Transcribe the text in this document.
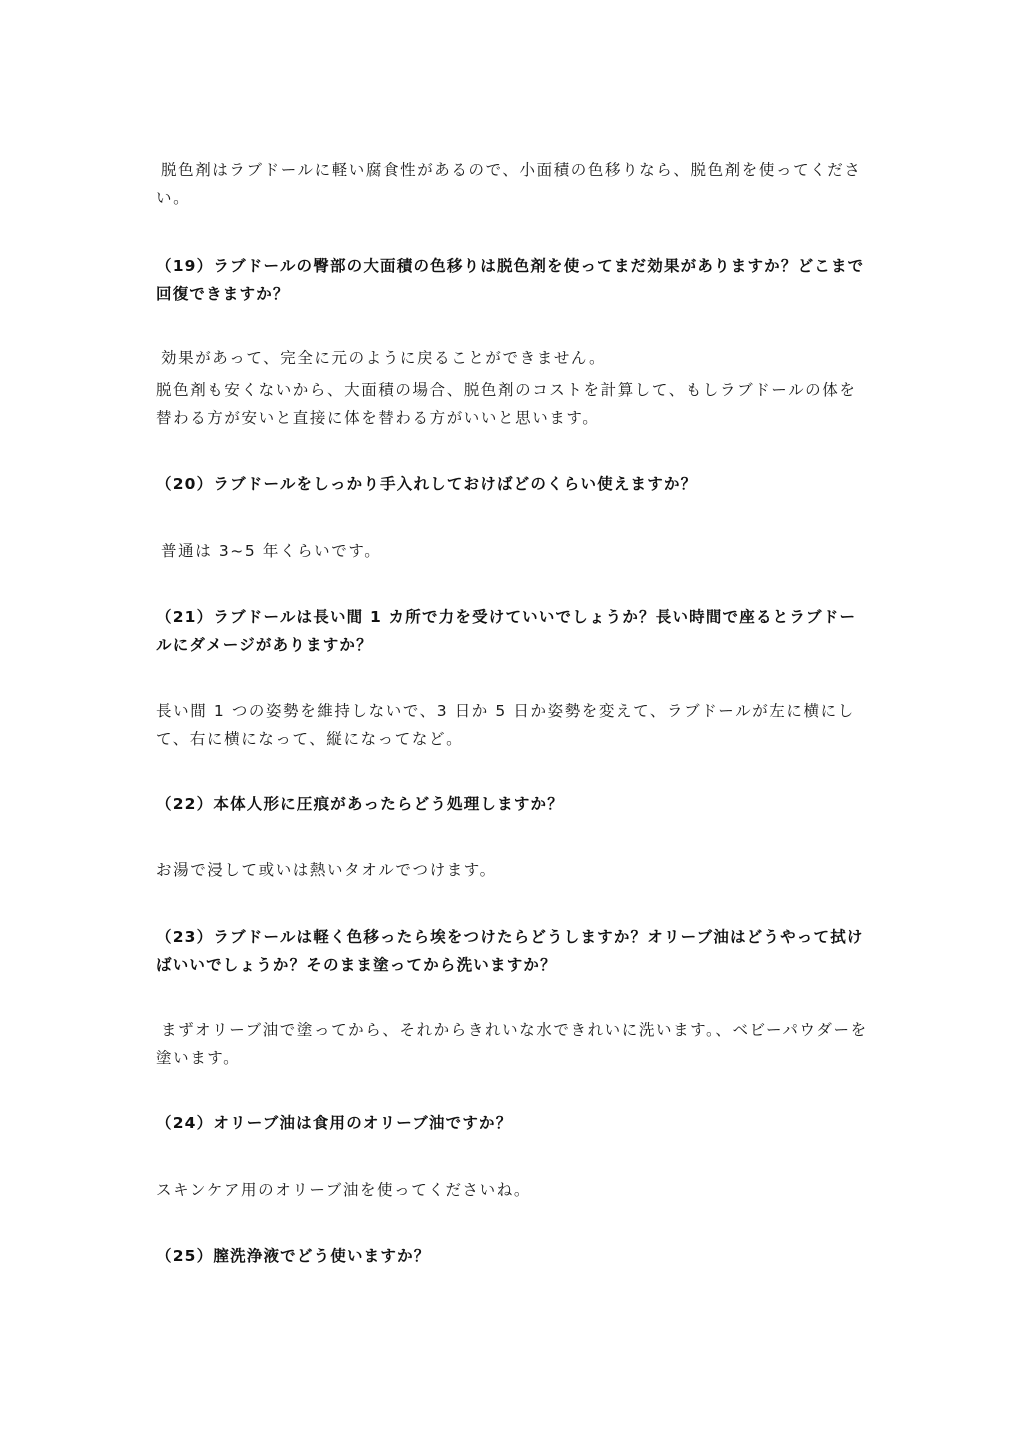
脱色剤はラブドールに軽い腐食性があるので、小面積の色移りなら、脱色剤を使ってください。

（19）ラブドールの臀部の大面積の色移りは脱色剤を使ってまだ効果がありますか？どこまで回復できますか？

効果があって、完全に元のように戻ることができません。

脱色剤も安くないから、大面積の場合、脱色剤のコストを計算して、もしラブドールの体を替わる方が安いと直接に体を替わる方がいいと思います。

（20）ラブドールをしっかり手入れしておけばどのくらい使えますか？

普通は 3~5 年くらいです。

（21）ラブドールは長い間 1 カ所で力を受けていいでしょうか？長い時間で座るとラブドールにダメージがありますか？

長い間 1 つの姿勢を維持しないで、3 日か 5 日か姿勢を変えて、ラブドールが左に横にして、右に横になって、縦になってなど。

（22）本体人形に圧痕があったらどう処理しますか？

お湯で浸して或いは熱いタオルでつけます。

（23）ラブドールは軽く色移ったら埃をつけたらどうしますか？オリーブ油はどうやって拭けばいいでしょうか？そのまま塗ってから洗いますか？

まずオリーブ油で塗ってから、それからきれいな水できれいに洗います。、ベビーパウダーを塗います。

（24）オリーブ油は食用のオリーブ油ですか？

スキンケア用のオリーブ油を使ってくださいね。

（25）膣洗浄液でどう使いますか？
